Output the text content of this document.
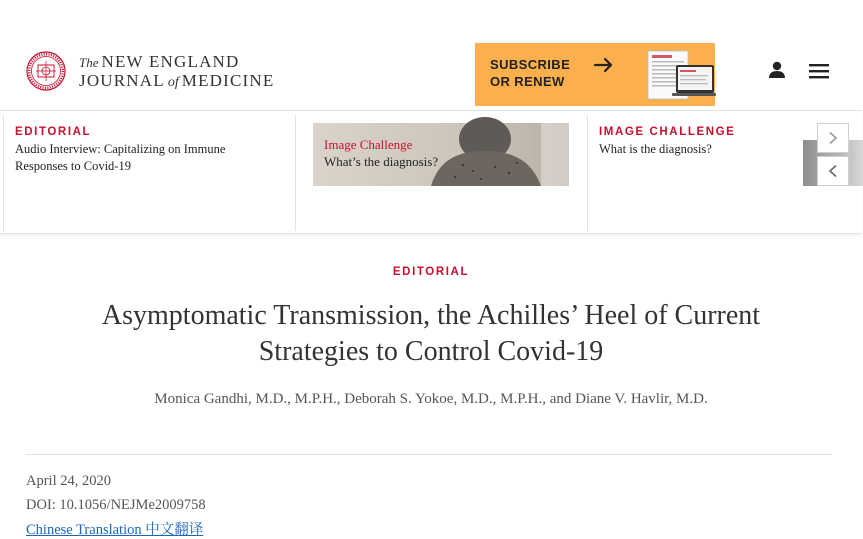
The NEW ENGLAND
JOURNAL of MEDICINE
SUBSCRIBE
OR RENEW
EDITORIAL
Audio Interview: Capitalizing on Immune Responses to Covid-19
Image Challenge
What’s the diagnosis?
IMAGE CHALLENGE
What is the diagnosis?
EDITORIAL
Asymptomatic Transmission, the Achilles’ Heel of Current Strategies to Control Covid-19
Monica Gandhi, M.D., M.P.H., Deborah S. Yokoe, M.D., M.P.H., and Diane V. Havlir, M.D.
April 24, 2020
DOI: 10.1056/NEJMe2009758
Chinese Translation 中文翻译
